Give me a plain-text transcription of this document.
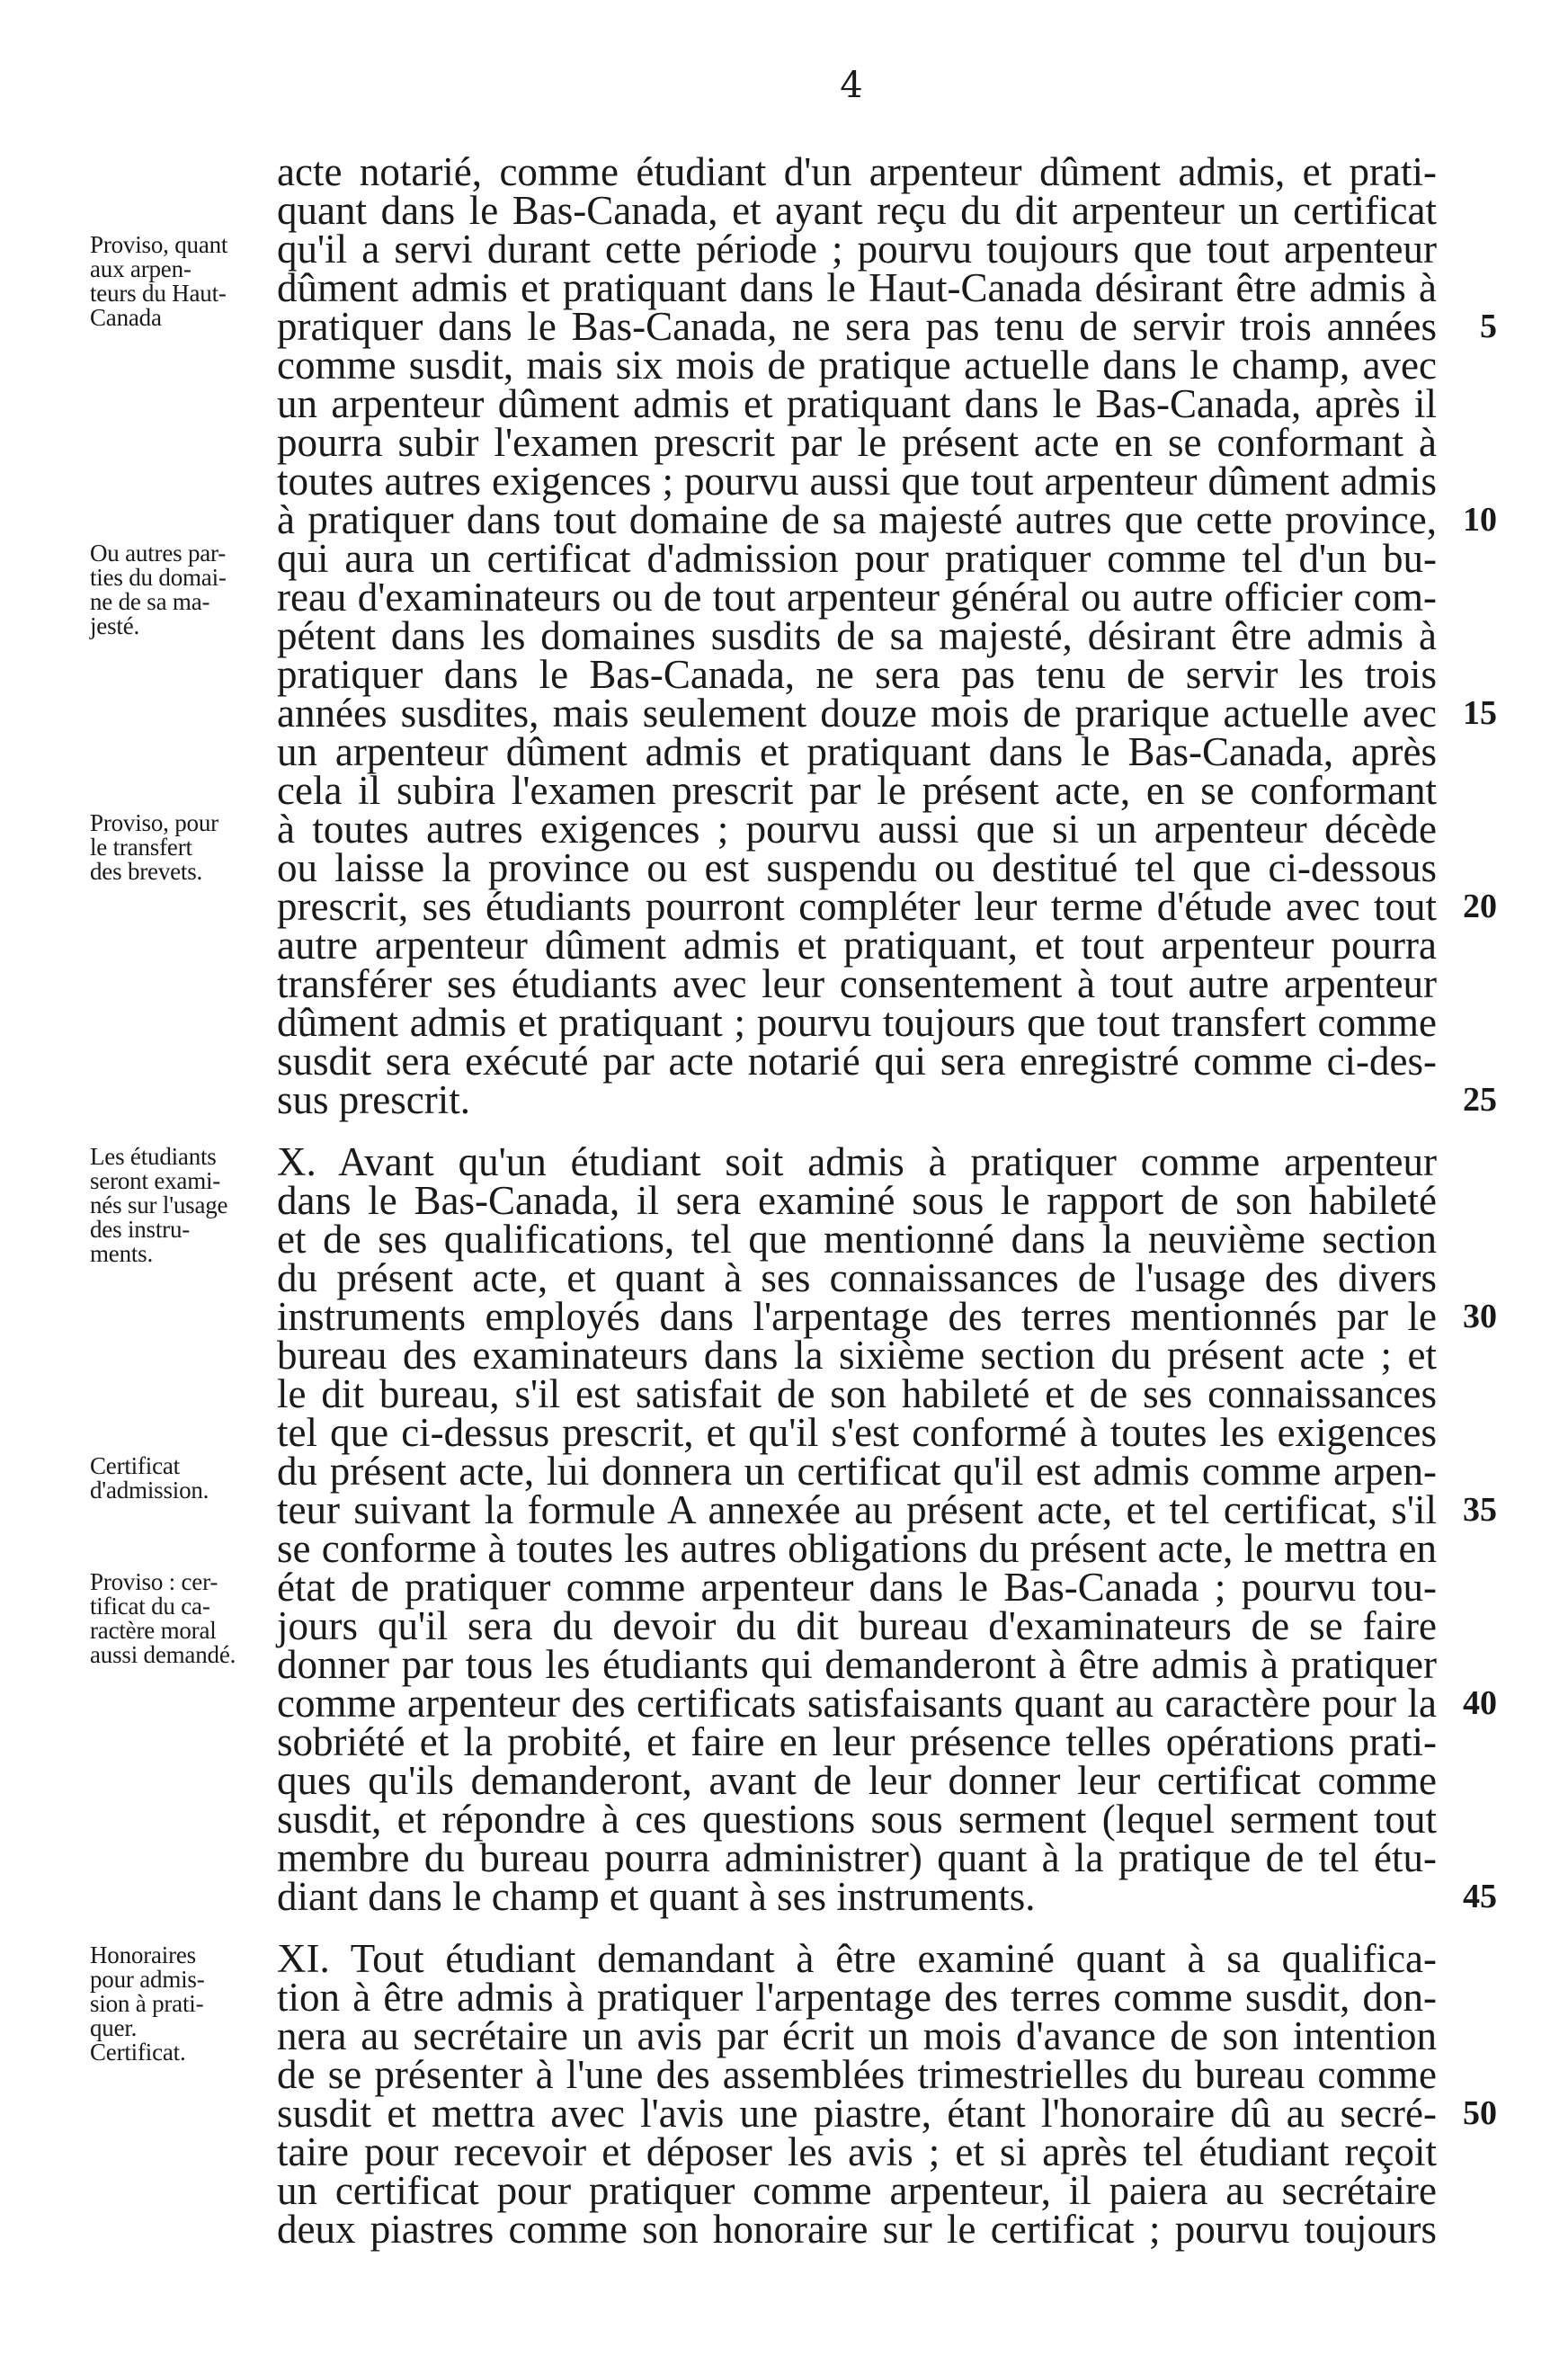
4
acte notarié, comme étudiant d'un arpenteur dûment admis, et prati-
quant dans le Bas-Canada, et ayant reçu du dit arpenteur un certificat
qu'il a servi durant cette période ; pourvu toujours que tout arpenteur
dûment admis et pratiquant dans le Haut-Canada désirant être admis à
pratiquer dans le Bas-Canada, ne sera pas tenu de servir trois années
comme susdit, mais six mois de pratique actuelle dans le champ, avec
un arpenteur dûment admis et pratiquant dans le Bas-Canada, après il
pourra subir l'examen prescrit par le présent acte en se conformant à
toutes autres exigences ; pourvu aussi que tout arpenteur dûment admis
à pratiquer dans tout domaine de sa majesté autres que cette province,
qui aura un certificat d'admission pour pratiquer comme tel d'un bu-
reau d'examinateurs ou de tout arpenteur général ou autre officier com-
pétent dans les domaines susdits de sa majesté, désirant être admis à
pratiquer dans le Bas-Canada, ne sera pas tenu de servir les trois
années susdites, mais seulement douze mois de prarique actuelle avec
un arpenteur dûment admis et pratiquant dans le Bas-Canada, après
cela il subira l'examen prescrit par le présent acte, en se conformant
à toutes autres exigences ; pourvu aussi que si un arpenteur décède
ou laisse la province ou est suspendu ou destitué tel que ci-dessous
prescrit, ses étudiants pourront compléter leur terme d'étude avec tout
autre arpenteur dûment admis et pratiquant, et tout arpenteur pourra
transférer ses étudiants avec leur consentement à tout autre arpenteur
dûment admis et pratiquant ; pourvu toujours que tout transfert comme
susdit sera exécuté par acte notarié qui sera enregistré comme ci-des-
sus prescrit.
X. Avant qu'un étudiant soit admis à pratiquer comme arpenteur
dans le Bas-Canada, il sera examiné sous le rapport de son habileté
et de ses qualifications, tel que mentionné dans la neuvième section
du présent acte, et quant à ses connaissances de l'usage des divers
instruments employés dans l'arpentage des terres mentionnés par le
bureau des examinateurs dans la sixième section du présent acte ; et
le dit bureau, s'il est satisfait de son habileté et de ses connaissances
tel que ci-dessus prescrit, et qu'il s'est conformé à toutes les exigences
du présent acte, lui donnera un certificat qu'il est admis comme arpen-
teur suivant la formule A annexée au présent acte, et tel certificat, s'il
se conforme à toutes les autres obligations du présent acte, le mettra en
état de pratiquer comme arpenteur dans le Bas-Canada ; pourvu tou-
jours qu'il sera du devoir du dit bureau d'examinateurs de se faire
donner par tous les étudiants qui demanderont à être admis à pratiquer
comme arpenteur des certificats satisfaisants quant au caractère pour la
sobriété et la probité, et faire en leur présence telles opérations prati-
ques qu'ils demanderont, avant de leur donner leur certificat comme
susdit, et répondre à ces questions sous serment (lequel serment tout
membre du bureau pourra administrer) quant à la pratique de tel étu-
diant dans le champ et quant à ses instruments.
XI. Tout étudiant demandant à être examiné quant à sa qualifica-
tion à être admis à pratiquer l'arpentage des terres comme susdit, don-
nera au secrétaire un avis par écrit un mois d'avance de son intention
de se présenter à l'une des assemblées trimestrielles du bureau comme
susdit et mettra avec l'avis une piastre, étant l'honoraire dû au secré-
taire pour recevoir et déposer les avis ; et si après tel étudiant reçoit
un certificat pour pratiquer comme arpenteur, il paiera au secrétaire
deux piastres comme son honoraire sur le certificat ; pourvu toujours
5
10
15
20
25
30
35
40
45
50
Proviso, quant
aux arpen-
teurs du Haut-
Canada
Ou autres par-
ties du domai-
ne de sa ma-
jesté.
Proviso, pour
le transfert
des brevets.
Les étudiants
seront exami-
nés sur l'usage
des instru-
ments.
Certificat
d'admission.
Proviso : cer-
tificat du ca-
ractère moral
aussi demandé.
Honoraires
pour admis-
sion à prati-
quer.
Certificat.
